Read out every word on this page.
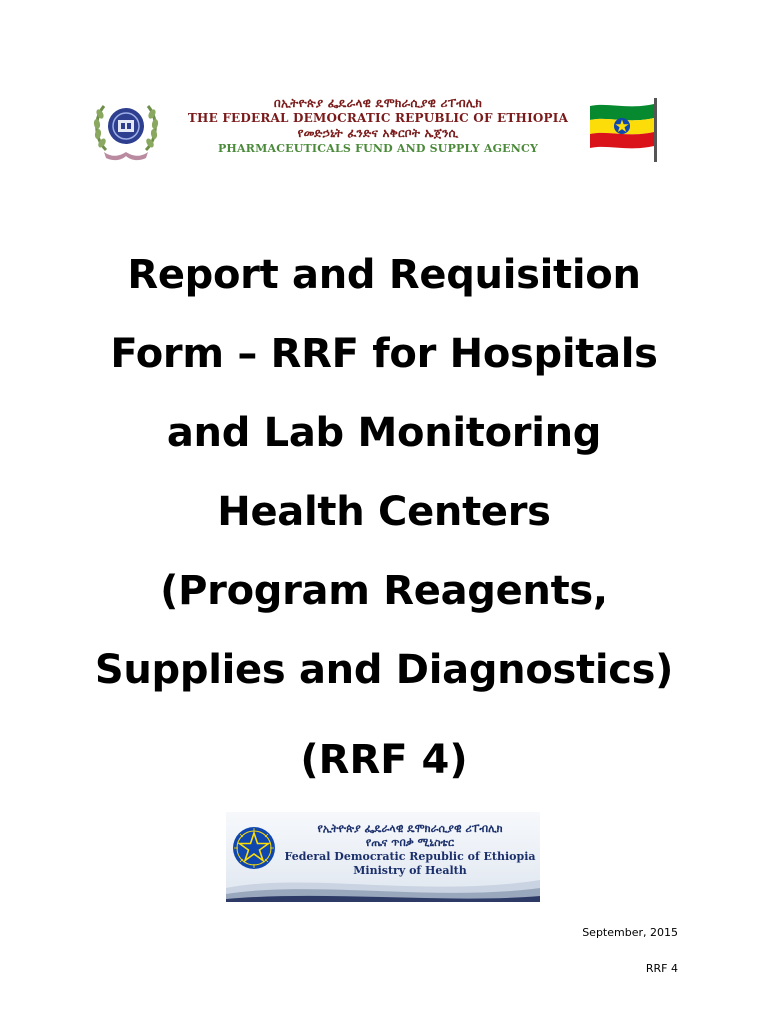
በኢትዮጵያ ፌዴራላዊ ዴሞክራሲያዊ ሪፐብሊክ
THE FEDERAL DEMOCRATIC REPUBLIC OF ETHIOPIA
የመድኃኒት ፈንድና አቅርቦት ኤጀንሲ
PHARMACEUTICALS FUND AND SUPPLY AGENCY
Report and Requisition
Form – RRF for Hospitals
and Lab Monitoring
Health Centers
(Program Reagents,
Supplies and Diagnostics)
(RRF 4)
የኢትዮጵያ ፌዴራላዊ ዴሞክራሲያዊ ሪፐብሊክ
የጤና ጥበቃ ሚኒስቴር
Federal Democratic Republic of Ethiopia
Ministry of Health
September, 2015
RRF 4
